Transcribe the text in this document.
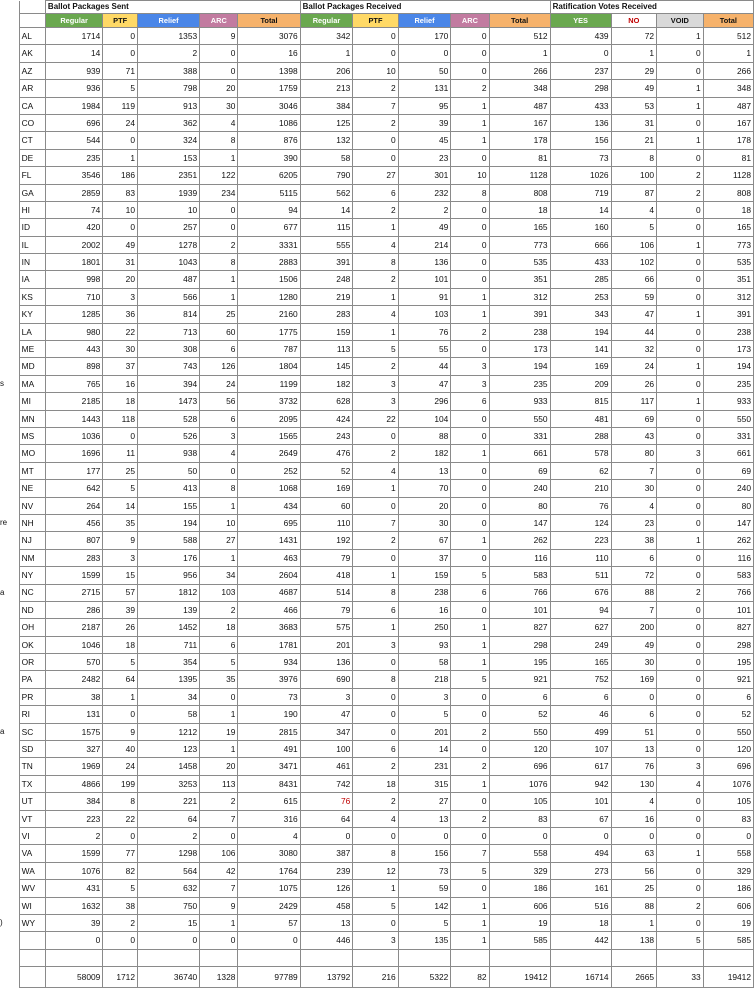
		Ballot Packages Sent					Ballot Packages Received					Ratification Votes Received			
		Regular	PTF	Relief	ARC	Total	Regular	PTF	Relief	ARC	Total	YES	NO	VOID	Total
	AL	1714	0	1353	9	3076	342	0	170	0	512	439	72	1	512
	AK	14	0	2	0	16	1	0	0	0	1	0	1	0	1
	AZ	939	71	388	0	1398	206	10	50	0	266	237	29	0	266
	AR	936	5	798	20	1759	213	2	131	2	348	298	49	1	348
	CA	1984	119	913	30	3046	384	7	95	1	487	433	53	1	487
	CO	696	24	362	4	1086	125	2	39	1	167	136	31	0	167
	CT	544	0	324	8	876	132	0	45	1	178	156	21	1	178
	DE	235	1	153	1	390	58	0	23	0	81	73	8	0	81
	FL	3546	186	2351	122	6205	790	27	301	10	1128	1026	100	2	1128
	GA	2859	83	1939	234	5115	562	6	232	8	808	719	87	2	808
	HI	74	10	10	0	94	14	2	2	0	18	14	4	0	18
	ID	420	0	257	0	677	115	1	49	0	165	160	5	0	165
	IL	2002	49	1278	2	3331	555	4	214	0	773	666	106	1	773
	IN	1801	31	1043	8	2883	391	8	136	0	535	433	102	0	535
	IA	998	20	487	1	1506	248	2	101	0	351	285	66	0	351
	KS	710	3	566	1	1280	219	1	91	1	312	253	59	0	312
	KY	1285	36	814	25	2160	283	4	103	1	391	343	47	1	391
	LA	980	22	713	60	1775	159	1	76	2	238	194	44	0	238
	ME	443	30	308	6	787	113	5	55	0	173	141	32	0	173
	MD	898	37	743	126	1804	145	2	44	3	194	169	24	1	194
s	MA	765	16	394	24	1199	182	3	47	3	235	209	26	0	235
	MI	2185	18	1473	56	3732	628	3	296	6	933	815	117	1	933
	MN	1443	118	528	6	2095	424	22	104	0	550	481	69	0	550
	MS	1036	0	526	3	1565	243	0	88	0	331	288	43	0	331
	MO	1696	11	938	4	2649	476	2	182	1	661	578	80	3	661
	MT	177	25	50	0	252	52	4	13	0	69	62	7	0	69
	NE	642	5	413	8	1068	169	1	70	0	240	210	30	0	240
	NV	264	14	155	1	434	60	0	20	0	80	76	4	0	80
re	NH	456	35	194	10	695	110	7	30	0	147	124	23	0	147
	NJ	807	9	588	27	1431	192	2	67	1	262	223	38	1	262
	NM	283	3	176	1	463	79	0	37	0	116	110	6	0	116
	NY	1599	15	956	34	2604	418	1	159	5	583	511	72	0	583
a	NC	2715	57	1812	103	4687	514	8	238	6	766	676	88	2	766
	ND	286	39	139	2	466	79	6	16	0	101	94	7	0	101
	OH	2187	26	1452	18	3683	575	1	250	1	827	627	200	0	827
	OK	1046	18	711	6	1781	201	3	93	1	298	249	49	0	298
	OR	570	5	354	5	934	136	0	58	1	195	165	30	0	195
	PA	2482	64	1395	35	3976	690	8	218	5	921	752	169	0	921
	PR	38	1	34	0	73	3	0	3	0	6	6	0	0	6
	RI	131	0	58	1	190	47	0	5	0	52	46	6	0	52
a	SC	1575	9	1212	19	2815	347	0	201	2	550	499	51	0	550
	SD	327	40	123	1	491	100	6	14	0	120	107	13	0	120
	TN	1969	24	1458	20	3471	461	2	231	2	696	617	76	3	696
	TX	4866	199	3253	113	8431	742	18	315	1	1076	942	130	4	1076
	UT	384	8	221	2	615	76	2	27	0	105	101	4	0	105
	VT	223	22	64	7	316	64	4	13	2	83	67	16	0	83
	VI	2	0	2	0	4	0	0	0	0	0	0	0	0	0
	VA	1599	77	1298	106	3080	387	8	156	7	558	494	63	1	558
	WA	1076	82	564	42	1764	239	12	73	5	329	273	56	0	329
	WV	431	5	632	7	1075	126	1	59	0	186	161	25	0	186
	WI	1632	38	750	9	2429	458	5	142	1	606	516	88	2	606
)	WY	39	2	15	1	57	13	0	5	1	19	18	1	0	19
		0	0	0	0	0	446	3	135	1	585	442	138	5	585

		58009	1712	36740	1328	97789	13792	216	5322	82	19412	16714	2665	33	19412
